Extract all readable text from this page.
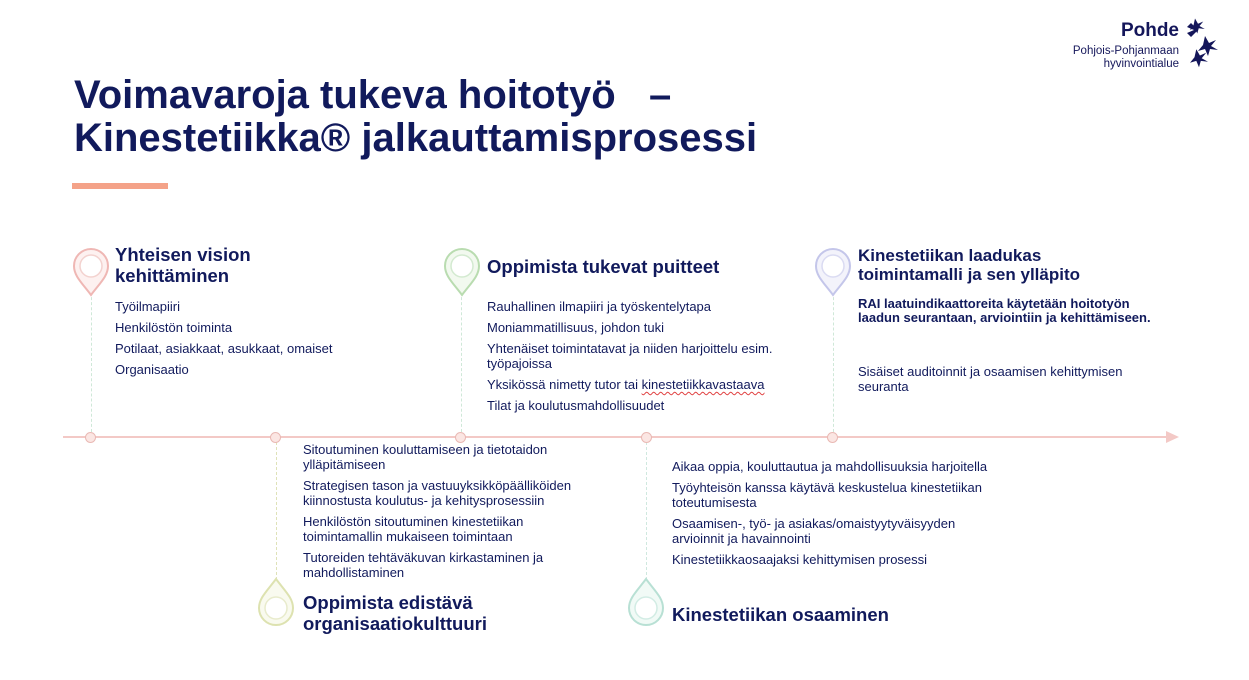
Pohde
Pohjois-Pohjanmaan
hyvinvointialue
Voimavaroja tukeva hoitotyö   –
Kinestetiikka® jalkauttamisprosessi
Yhteisen vision
kehittäminen
Työilmapiiri
Henkilöstön toiminta
Potilaat, asiakkaat, asukkaat, omaiset
Organisaatio
Oppimista tukevat puitteet
Rauhallinen ilmapiiri ja työskentelytapa
Moniammatillisuus, johdon tuki
Yhtenäiset toimintatavat ja niiden harjoittelu esim. työpajoissa
Yksikössä nimetty tutor tai kinestetiikkavastaava
Tilat ja koulutusmahdollisuudet
Kinestetiikan laadukas
toimintamalli ja sen ylläpito
RAI laatuindikaattoreita käytetään hoitotyön laadun seurantaan, arviointiin ja kehittämiseen.
Sisäiset auditoinnit ja osaamisen kehittymisen seuranta
Sitoutuminen kouluttamiseen ja tietotaidon ylläpitämiseen
Strategisen tason ja vastuuyksikköpäälliköiden kiinnostusta koulutus- ja kehitysprosessiin
Henkilöstön sitoutuminen kinestetiikan toimintamallin mukaiseen toimintaan
Tutoreiden tehtäväkuvan kirkastaminen ja mahdollistaminen
Oppimista edistävä
organisaatiokulttuuri
Aikaa oppia, kouluttautua ja mahdollisuuksia harjoitella
Työyhteisön kanssa käytävä keskustelua kinestetiikan toteutumisesta
Osaamisen-, työ- ja asiakas/omaistyytyväisyyden arvioinnit ja havainnointi
Kinestetiikkaosaajaksi kehittymisen prosessi
Kinestetiikan osaaminen
